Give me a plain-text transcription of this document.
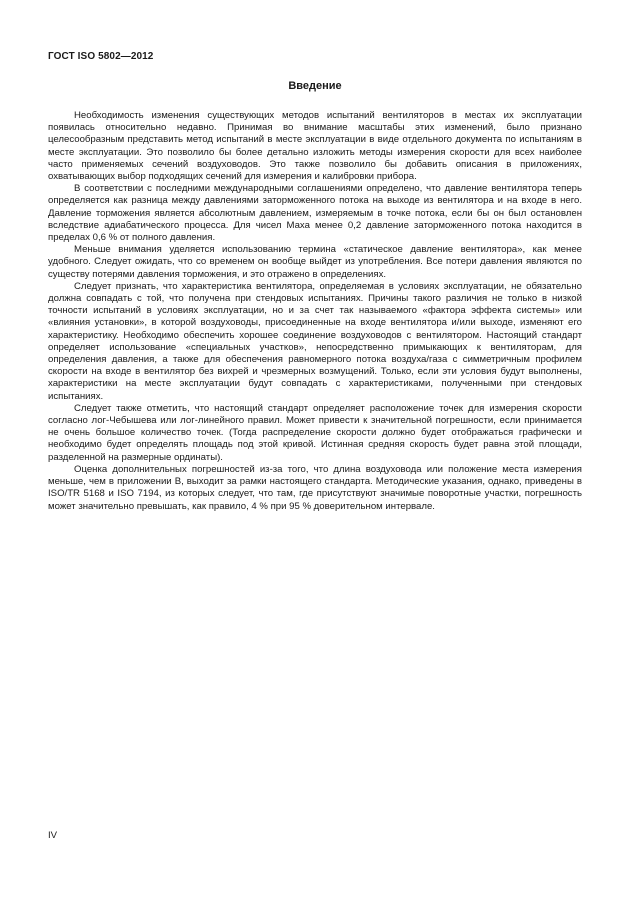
ГОСТ ISO 5802—2012
Введение

Необходимость изменения существующих методов испытаний вентиляторов в местах их эксплуатации появилась относительно недавно. Принимая во внимание масштабы этих изменений, было признано целесообразным представить метод испытаний в месте эксплуатации в виде отдельного документа по испытаниям в месте эксплуатации. Это позволило бы более детально изложить методы измерения скорости для всех наиболее часто применяемых сечений воздуховодов. Это также позволило бы добавить описания в приложениях, охватывающих выбор подходящих сечений для измерения и калибровки прибора.

В соответствии с последними международными соглашениями определено, что давление вентилятора теперь определяется как разница между давлениями заторможенного потока на выходе из вентилятора и на входе в него. Давление торможения является абсолютным давлением, измеряемым в точке потока, если бы он был остановлен вследствие адиабатического процесса. Для чисел Маха менее 0,2 давление заторможенного потока находится в пределах 0,6 % от полного давления.

Меньше внимания уделяется использованию термина «статическое давление вентилятора», как менее удобного. Следует ожидать, что со временем он вообще выйдет из употребления. Все потери давления являются по существу потерями давления торможения, и это отражено в определениях.

Следует признать, что характеристика вентилятора, определяемая в условиях эксплуатации, не обязательно должна совпадать с той, что получена при стендовых испытаниях. Причины такого различия не только в низкой точности испытаний в условиях эксплуатации, но и за счет так называемого «фактора эффекта системы» или «влияния установки», в которой воздуховоды, присоединенные на входе вентилятора и/или выходе, изменяют его характеристику. Необходимо обеспечить хорошее соединение воздуховодов с вентилятором. Настоящий стандарт определяет использование «специальных участков», непосредственно примыкающих к вентиляторам, для определения давления, а также для обеспечения равномерного потока воздуха/газа с симметричным профилем скорости на входе в вентилятор без вихрей и чрезмерных возмущений. Только, если эти условия будут выполнены, характеристики на месте эксплуатации будут совпадать с характеристиками, полученными при стендовых испытаниях.

Следует также отметить, что настоящий стандарт определяет расположение точек для измерения скорости согласно лог-Чебышева или лог-линейного правил. Может привести к значительной погрешности, если принимается не очень большое количество точек. (Тогда распределение скорости должно будет отображаться графически и необходимо будет определять площадь под этой кривой. Истинная средняя скорость будет равна этой площади, разделенной на размерные ординаты).

Оценка дополнительных погрешностей из-за того, что длина воздуховода или положение места измерения меньше, чем в приложении В, выходит за рамки настоящего стандарта. Методические указания, однако, приведены в ISO/TR 5168 и ISO 7194, из которых следует, что там, где присутствуют значимые поворотные участки, погрешность может значительно превышать, как правило, 4 % при 95 % доверительном интервале.

IV
